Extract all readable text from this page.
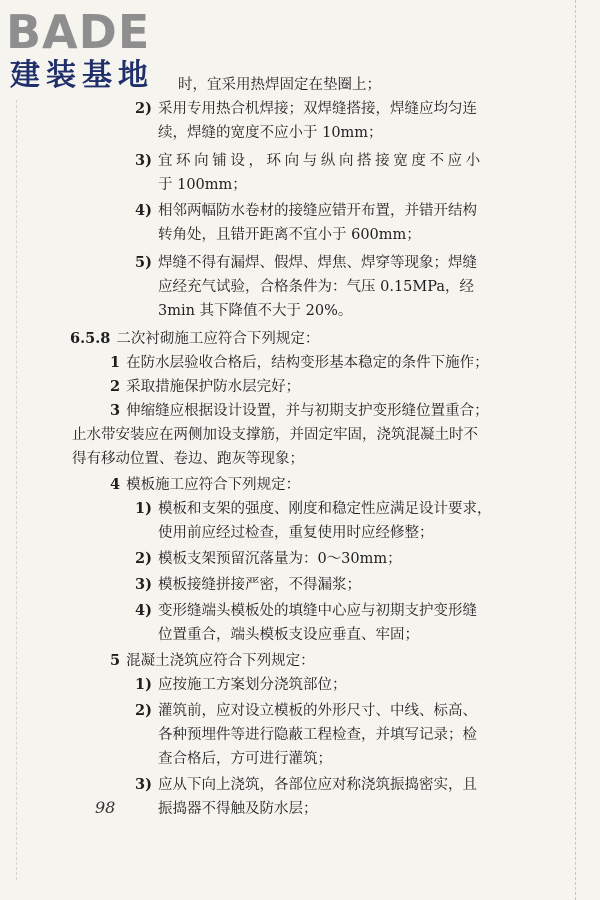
BADE
建装基地 时，宜采用热焊固定在垫圈上；
2) 采用专用热合机焊接；双焊缝搭接，焊缝应均匀连
续，焊缝的宽度不应小于 10mm；
3) 宜环向铺设，环向与纵向搭接宽度不应小
于 100mm；
4) 相邻两幅防水卷材的接缝应错开布置，并错开结构
转角处，且错开距离不宜小于 600mm；
5) 焊缝不得有漏焊、假焊、焊焦、焊穿等现象；焊缝
应经充气试验，合格条件为：气压 0.15MPa，经
3min 其下降值不大于 20%。
6.5.8 二次衬砌施工应符合下列规定：
1 在防水层验收合格后，结构变形基本稳定的条件下施作；
2 采取措施保护防水层完好；
3 伸缩缝应根据设计设置，并与初期支护变形缝位置重合；
止水带安装应在两侧加设支撑筋，并固定牢固，浇筑混凝土时不
得有移动位置、卷边、跑灰等现象；
4 模板施工应符合下列规定：
1) 模板和支架的强度、刚度和稳定性应满足设计要求，
使用前应经过检查，重复使用时应经修整；
2) 模板支架预留沉落量为：0～30mm；
3) 模板接缝拼接严密，不得漏浆；
4) 变形缝端头模板处的填缝中心应与初期支护变形缝
位置重合，端头模板支设应垂直、牢固；
5 混凝土浇筑应符合下列规定：
1) 应按施工方案划分浇筑部位；
2) 灌筑前，应对设立模板的外形尺寸、中线、标高、
各种预埋件等进行隐蔽工程检查，并填写记录；检
查合格后，方可进行灌筑；
3) 应从下向上浇筑，各部位应对称浇筑振捣密实，且
振捣器不得触及防水层；
98
